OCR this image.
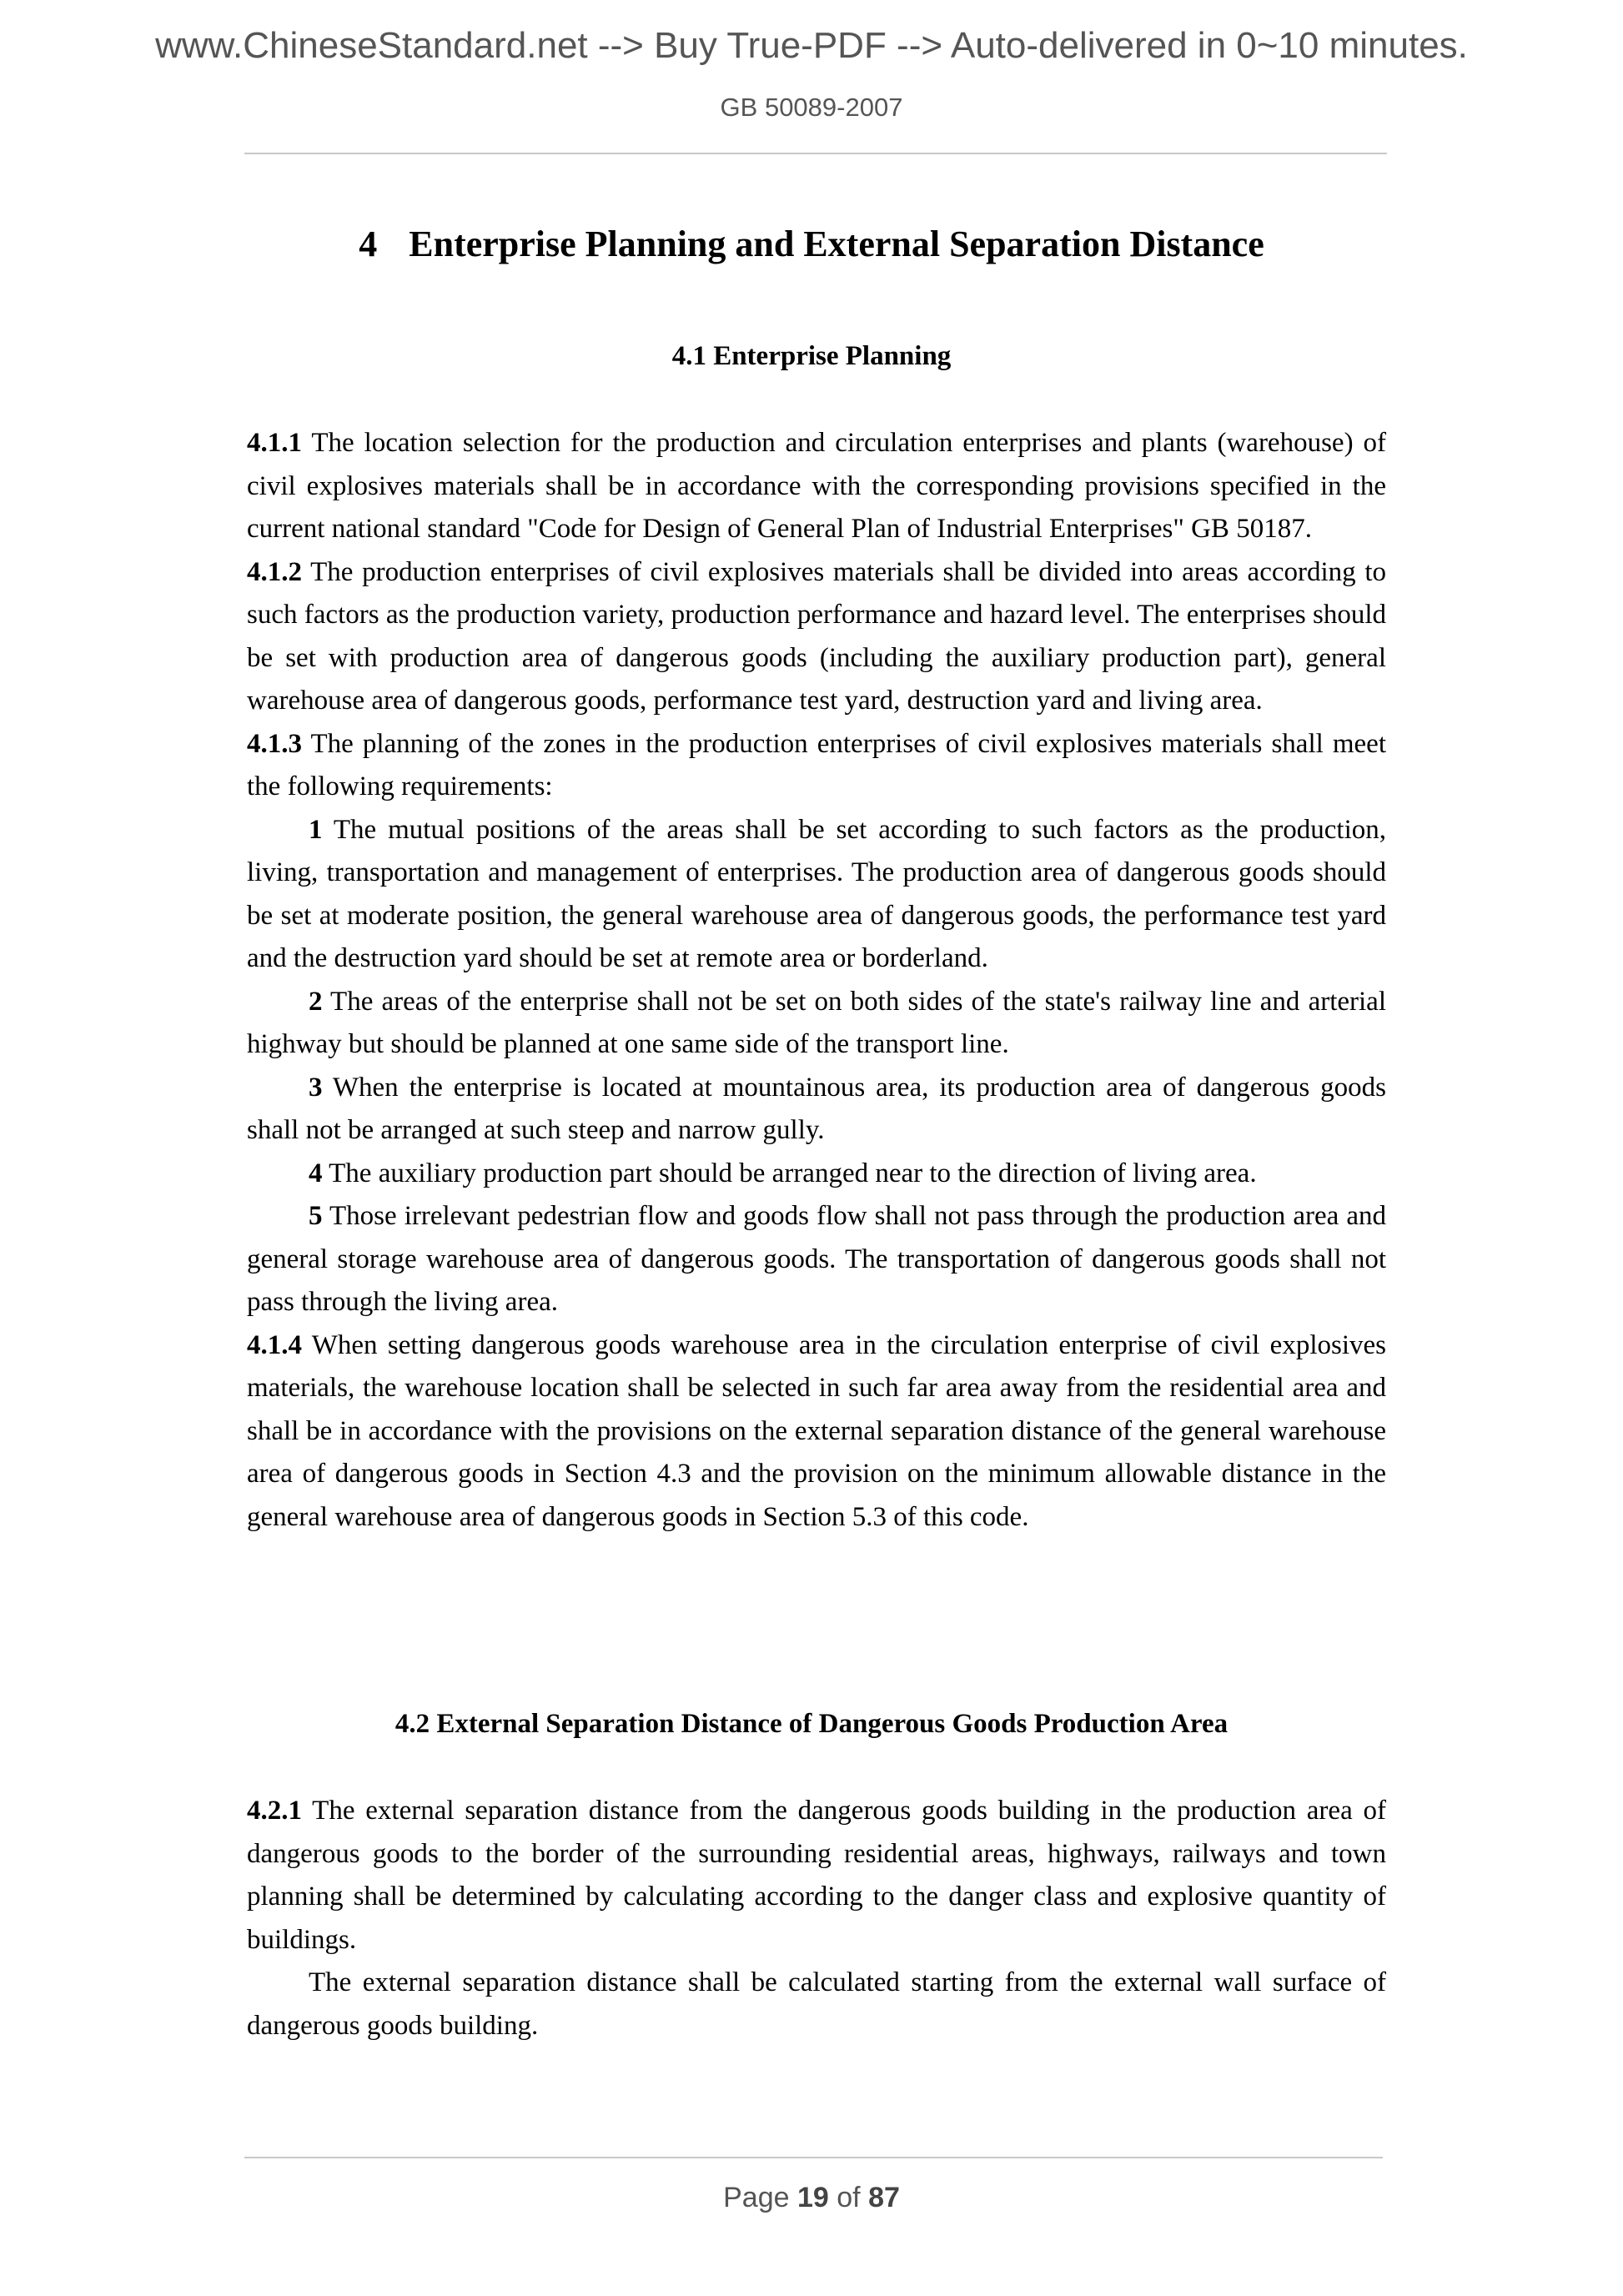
www.ChineseStandard.net --> Buy True-PDF --> Auto-delivered in 0~10 minutes.
GB 50089-2007
4 Enterprise Planning and External Separation Distance
4.1 Enterprise Planning

4.1.1 The location selection for the production and circulation enterprises and plants (warehouse) of civil explosives materials shall be in accordance with the corresponding provisions specified in the current national standard "Code for Design of General Plan of Industrial Enterprises" GB 50187.

4.1.2 The production enterprises of civil explosives materials shall be divided into areas according to such factors as the production variety, production performance and hazard level. The enterprises should be set with production area of dangerous goods (including the auxiliary production part), general warehouse area of dangerous goods, performance test yard, destruction yard and living area.

4.1.3 The planning of the zones in the production enterprises of civil explosives materials shall meet the following requirements:

1 The mutual positions of the areas shall be set according to such factors as the production, living, transportation and management of enterprises. The production area of dangerous goods should be set at moderate position, the general warehouse area of dangerous goods, the performance test yard and the destruction yard should be set at remote area or borderland.

2 The areas of the enterprise shall not be set on both sides of the state's railway line and arterial highway but should be planned at one same side of the transport line.

3 When the enterprise is located at mountainous area, its production area of dangerous goods shall not be arranged at such steep and narrow gully.

4 The auxiliary production part should be arranged near to the direction of living area.

5 Those irrelevant pedestrian flow and goods flow shall not pass through the production area and general storage warehouse area of dangerous goods. The transportation of dangerous goods shall not pass through the living area.

4.1.4 When setting dangerous goods warehouse area in the circulation enterprise of civil explosives materials, the warehouse location shall be selected in such far area away from the residential area and shall be in accordance with the provisions on the external separation distance of the general warehouse area of dangerous goods in Section 4.3 and the provision on the minimum allowable distance in the general warehouse area of dangerous goods in Section 5.3 of this code.

4.2 External Separation Distance of Dangerous Goods Production Area

4.2.1 The external separation distance from the dangerous goods building in the production area of dangerous goods to the border of the surrounding residential areas, highways, railways and town planning shall be determined by calculating according to the danger class and explosive quantity of buildings.

The external separation distance shall be calculated starting from the external wall surface of dangerous goods building.

Page 19 of 87
